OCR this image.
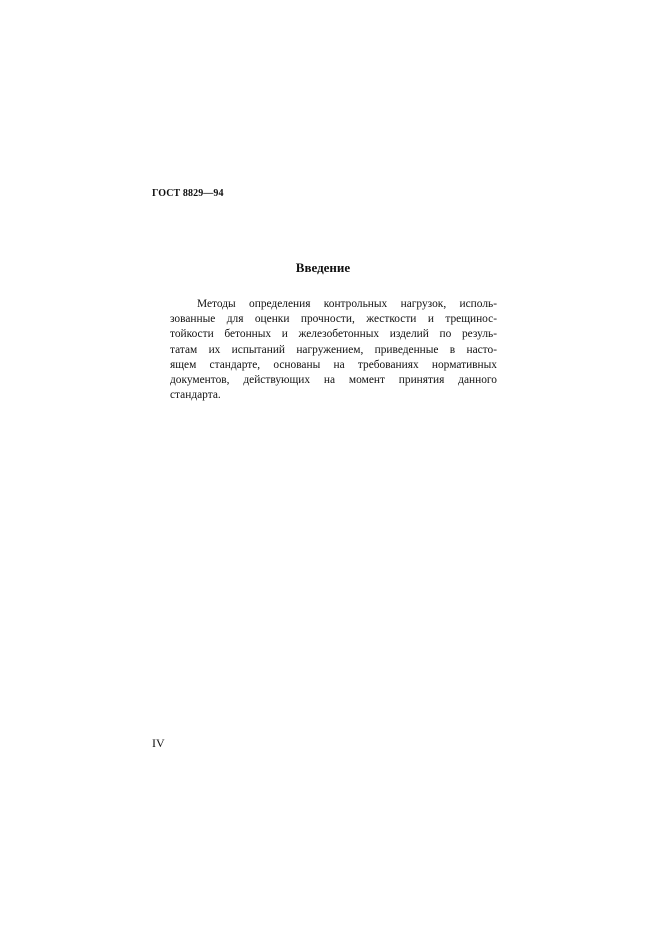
ГОСТ 8829—94
Введение
Методы определения контрольных нагрузок, исполь-
зованные для оценки прочности, жесткости и трещинос-
тойкости бетонных и железобетонных изделий по резуль-
татам их испытаний нагружением, приведенные в насто-
ящем стандарте, основаны на требованиях нормативных
документов, действующих на момент принятия данного
стандарта.
IV
